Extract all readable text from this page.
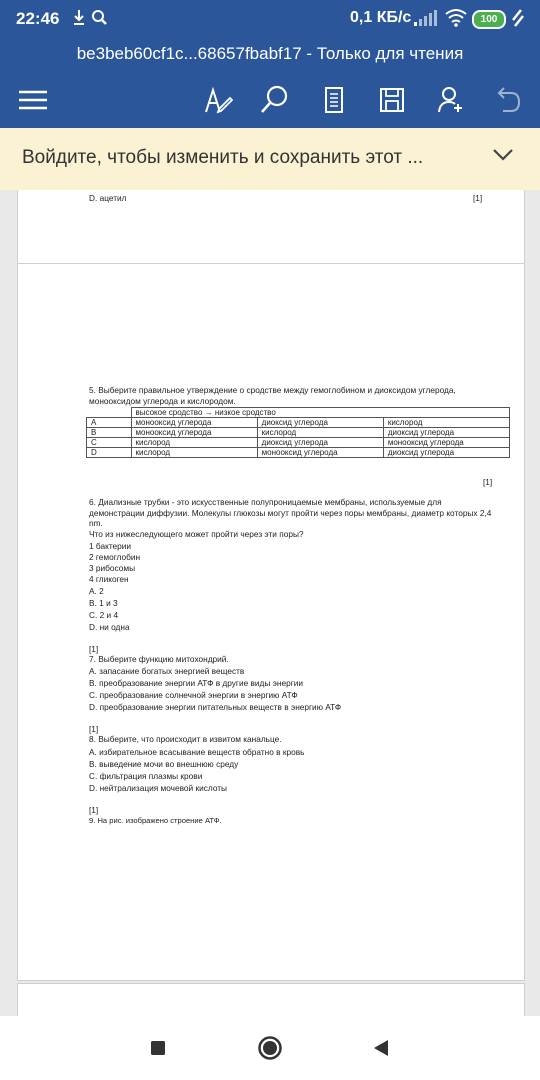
22:46	0,1 КБ/с	100
be3beb60cf1c...68657fbabf17 - Только для чтения
Войдите, чтобы изменить и сохранить этот ...
D. ацетил	[1]
5. Выберите правильное утверждение о сродстве между гемоглобином и диоксидом углерода, монооксидом углерода и кислородом.
	высокое сродство → низкое сродство		
A	монооксид углерода	диоксид углерода	кислород
B	монооксид углерода	кислород	диоксид углерода
C	кислород	диоксид углерода	монооксид углерода
D	кислород	монооксид углерода	диоксид углерода
[1]
6. Диализные трубки - это искусственные полупроницаемые мембраны, используемые для демонстрации диффузии. Молекулы глюкозы могут пройти через поры мембраны, диаметр которых 2,4 nm.
Что из нижеследующего может пройти через эти поры?
1 бактерии
2 гемоглобин
3 рибосомы
4 гликоген
A. 2
B. 1 и 3
C. 2 и 4
D. ни одна
[1]
7. Выберите функцию митохондрий.
A. запасание богатых энергией веществ
B. преобразование энергии АТФ в другие виды энергии
C. преобразование солнечной энергии в энергию АТФ
D. преобразование энергии питательных веществ в энергию АТФ
[1]
8. Выберите, что происходит в извитом канальце.
A. избирательное всасывание веществ обратно в кровь
B. выведение мочи во внешнюю среду
C. фильтрация плазмы крови
D. нейтрализация мочевой кислоты
[1]
9. На рис. изображено строение АТФ.
